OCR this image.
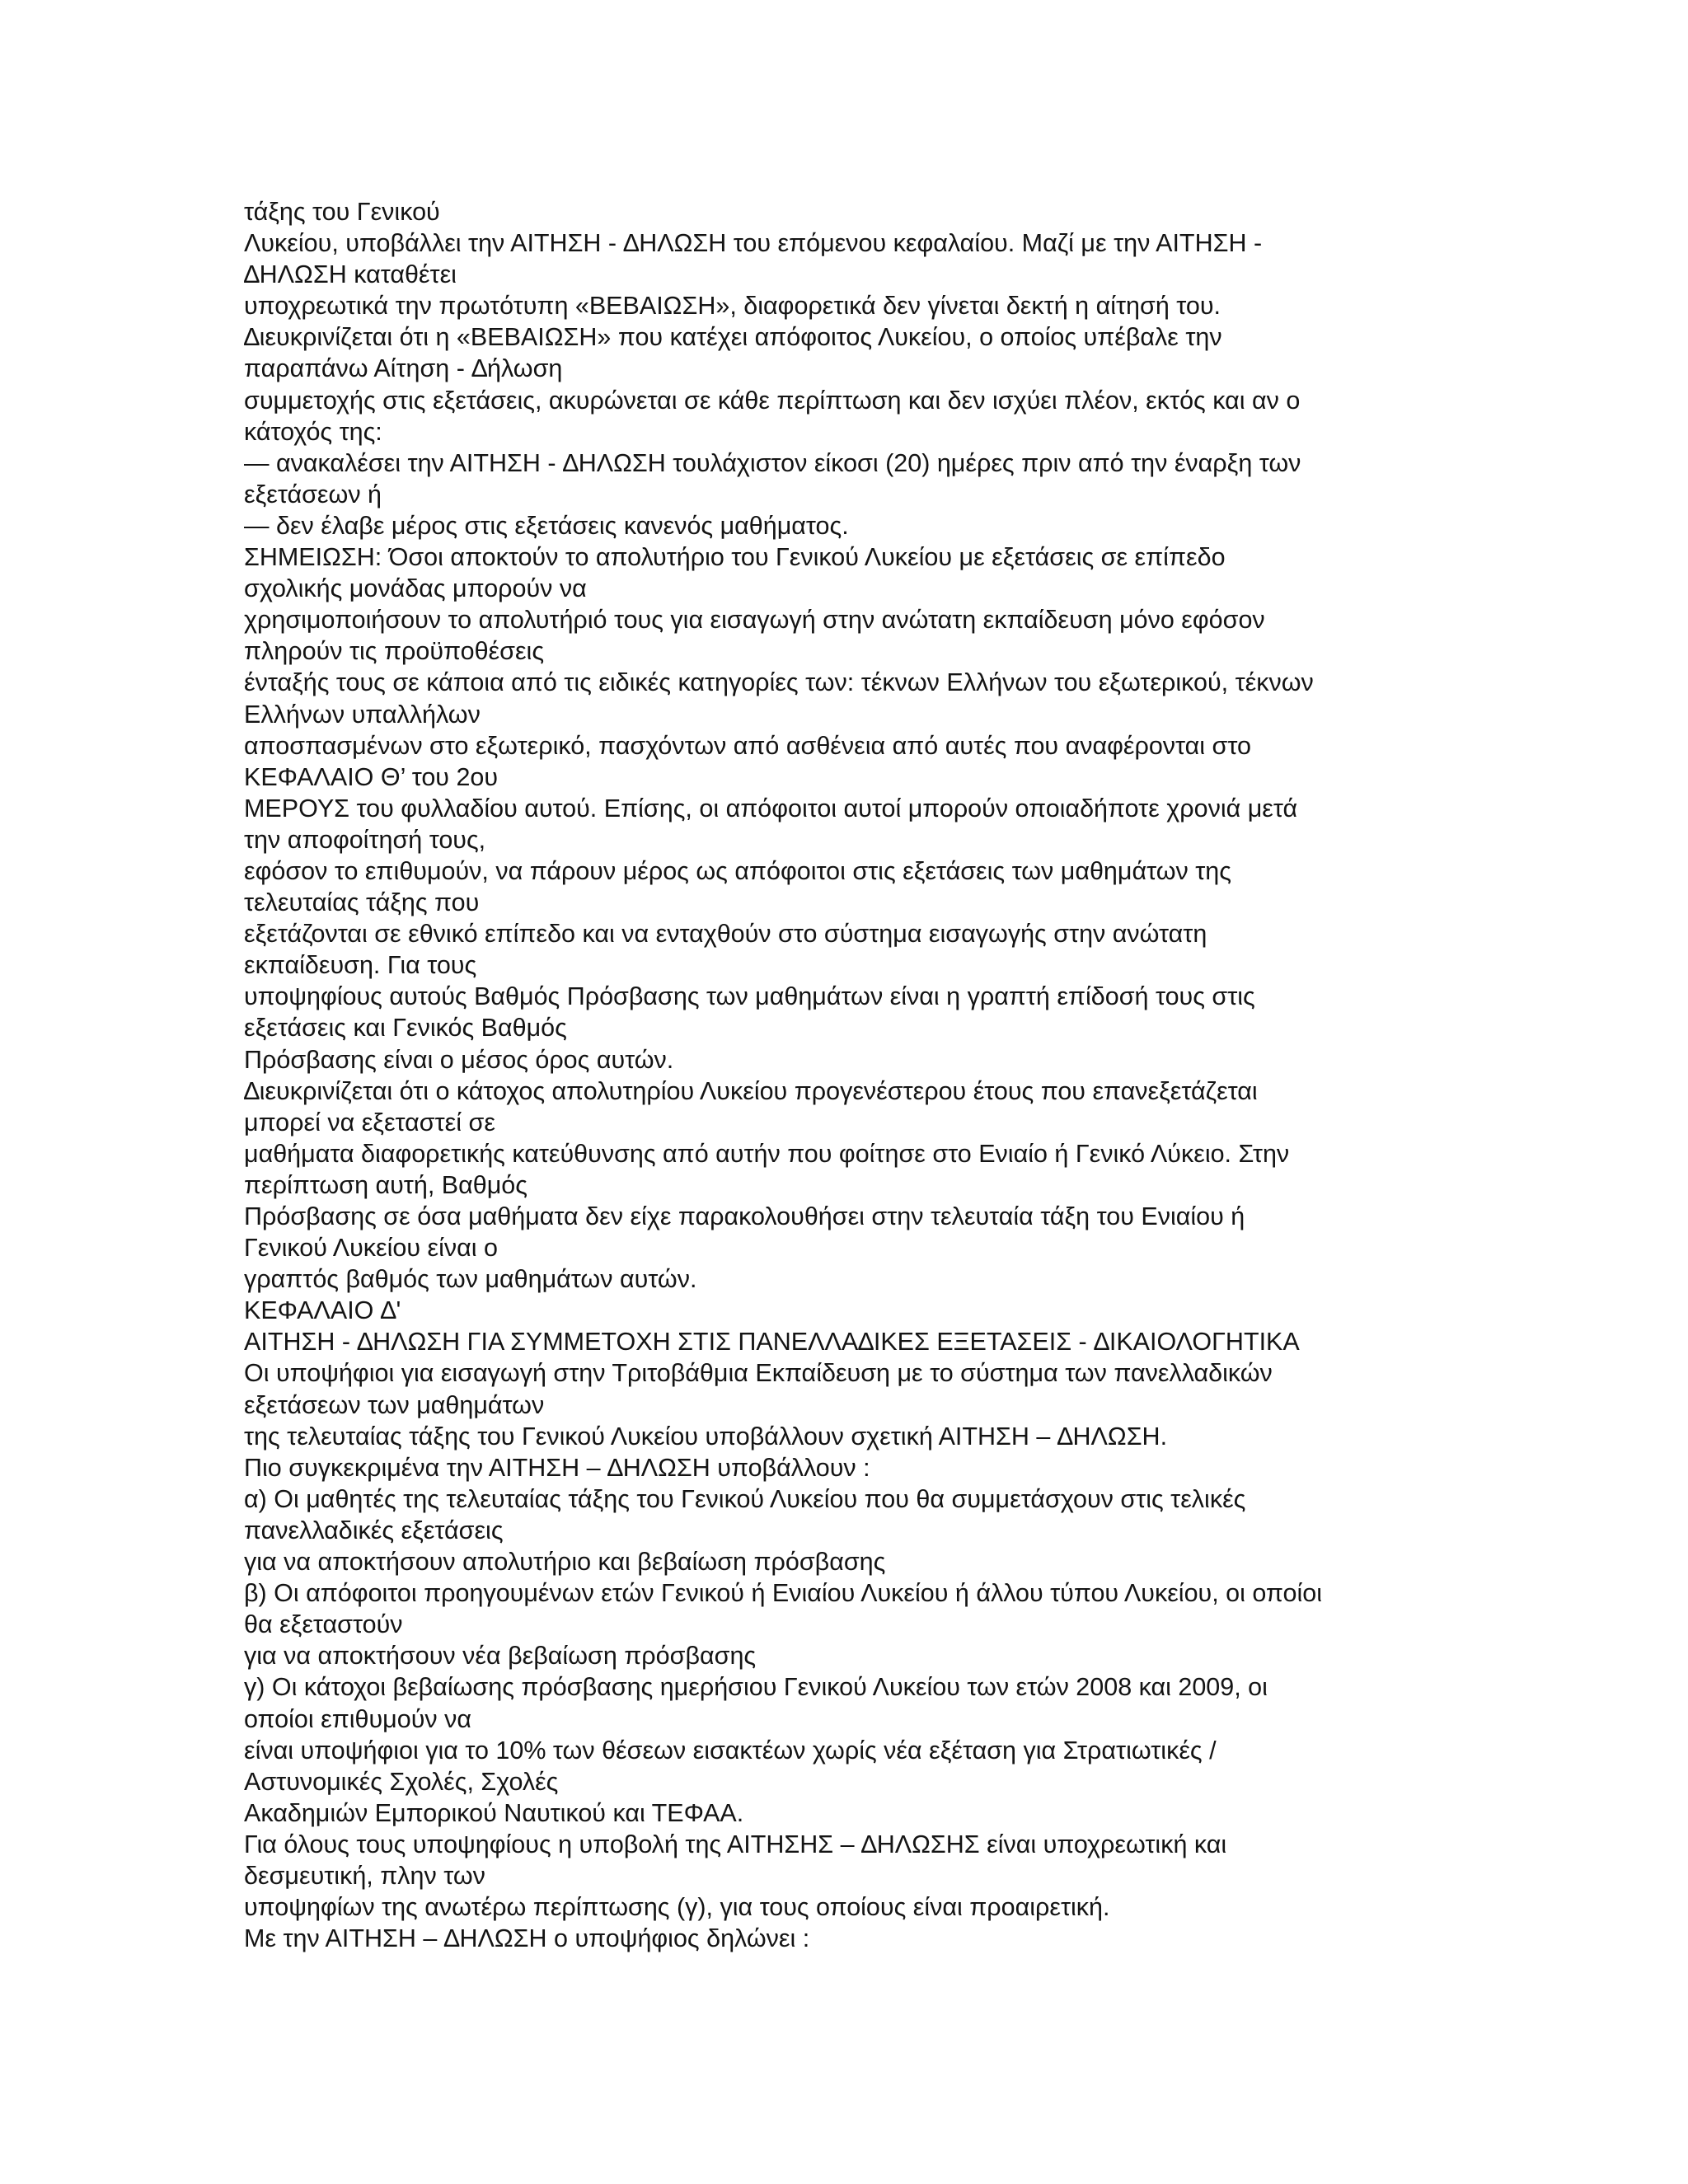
τάξης του Γενικού
Λυκείου, υποβάλλει την ΑΙΤΗΣΗ - ∆ΗΛΩΣΗ του επόμενου κεφαλαίου. Μαζί με την ΑΙΤΗΣΗ -
∆ΗΛΩΣΗ καταθέτει
υποχρεωτικά την πρωτότυπη «ΒΕΒΑΙΩΣΗ», διαφορετικά δεν γίνεται δεκτή η αίτησή του.
∆ιευκρινίζεται ότι η «ΒΕΒΑΙΩΣΗ» που κατέχει απόφοιτος Λυκείου, ο οποίος υπέβαλε την
παραπάνω Αίτηση - ∆ήλωση
συμμετοχής στις εξετάσεις, ακυρώνεται σε κάθε περίπτωση και δεν ισχύει πλέον, εκτός και αν ο
κάτοχός της:
— ανακαλέσει την ΑΙΤΗΣΗ - ∆ΗΛΩΣΗ τουλάχιστον είκοσι (20) ημέρες πριν από την έναρξη των
εξετάσεων ή
— δεν έλαβε μέρος στις εξετάσεις κανενός μαθήματος.
ΣΗΜΕΙΩΣΗ: Όσοι αποκτούν το απολυτήριο του Γενικού Λυκείου με εξετάσεις σε επίπεδο
σχολικής μονάδας μπορούν να
χρησιμοποιήσουν το απολυτήριό τους για εισαγωγή στην ανώτατη εκπαίδευση μόνο εφόσον
πληρούν τις προϋποθέσεις
ένταξής τους σε κάποια από τις ειδικές κατηγορίες των: τέκνων Ελλήνων του εξωτερικού, τέκνων
Ελλήνων υπαλλήλων
αποσπασμένων στο εξωτερικό, πασχόντων από ασθένεια από αυτές που αναφέρονται στο
ΚΕΦΑΛΑΙΟ Θ’ του 2ου
ΜΕΡΟΥΣ του φυλλαδίου αυτού. Επίσης, οι απόφοιτοι αυτοί μπορούν οποιαδήποτε χρονιά μετά
την αποφοίτησή τους,
εφόσον το επιθυμούν, να πάρουν μέρος ως απόφοιτοι στις εξετάσεις των μαθημάτων της
τελευταίας τάξης που
εξετάζονται σε εθνικό επίπεδο και να ενταχθούν στο σύστημα εισαγωγής στην ανώτατη
εκπαίδευση. Για τους
υποψηφίους αυτούς Βαθμός Πρόσβασης των μαθημάτων είναι η γραπτή επίδοσή τους στις
εξετάσεις και Γενικός Βαθμός
Πρόσβασης είναι ο μέσος όρος αυτών.
∆ιευκρινίζεται ότι ο κάτοχος απολυτηρίου Λυκείου προγενέστερου έτους που επανεξετάζεται
μπορεί να εξεταστεί σε
μαθήματα διαφορετικής κατεύθυνσης από αυτήν που φοίτησε στο Ενιαίο ή Γενικό Λύκειο. Στην
περίπτωση αυτή, Βαθμός
Πρόσβασης σε όσα μαθήματα δεν είχε παρακολουθήσει στην τελευταία τάξη του Ενιαίου ή
Γενικού Λυκείου είναι ο
γραπτός βαθμός των μαθημάτων αυτών.
ΚΕΦΑΛΑΙΟ ∆'
ΑΙΤΗΣΗ - ∆ΗΛΩΣΗ ΓΙΑ ΣΥΜΜΕΤΟΧΗ ΣΤΙΣ ΠΑΝΕΛΛΑ∆ΙΚΕΣ ΕΞΕΤΑΣΕΙΣ - ∆ΙΚΑΙΟΛΟΓΗΤΙΚΑ
Οι υποψήφιοι για εισαγωγή στην Τριτοβάθμια Εκπαίδευση με το σύστημα των πανελλαδικών
εξετάσεων των μαθημάτων
της τελευταίας τάξης του Γενικού Λυκείου υποβάλλουν σχετική ΑΙΤΗΣΗ – ∆ΗΛΩΣΗ.
Πιο συγκεκριμένα την ΑΙΤΗΣΗ – ∆ΗΛΩΣΗ υποβάλλουν :
α) Οι μαθητές της τελευταίας τάξης του Γενικού Λυκείου που θα συμμετάσχουν στις τελικές
πανελλαδικές εξετάσεις
για να αποκτήσουν απολυτήριο και βεβαίωση πρόσβασης
β) Οι απόφοιτοι προηγουμένων ετών Γενικού ή Ενιαίου Λυκείου ή άλλου τύπου Λυκείου, οι οποίοι
θα εξεταστούν
για να αποκτήσουν νέα βεβαίωση πρόσβασης
γ) Οι κάτοχοι βεβαίωσης πρόσβασης ημερήσιου Γενικού Λυκείου των ετών 2008 και 2009, οι
οποίοι επιθυμούν να
είναι υποψήφιοι για το 10% των θέσεων εισακτέων χωρίς νέα εξέταση για Στρατιωτικές /
Αστυνομικές Σχολές, Σχολές
Ακαδημιών Εμπορικού Ναυτικού και ΤΕΦΑΑ.
Για όλους τους υποψηφίους η υποβολή της ΑΙΤΗΣΗΣ – ∆ΗΛΩΣΗΣ είναι υποχρεωτική και
δεσμευτική, πλην των
υποψηφίων της ανωτέρω περίπτωσης (γ), για τους οποίους είναι προαιρετική.
Με την ΑΙΤΗΣΗ – ∆ΗΛΩΣΗ ο υποψήφιος δηλώνει :
